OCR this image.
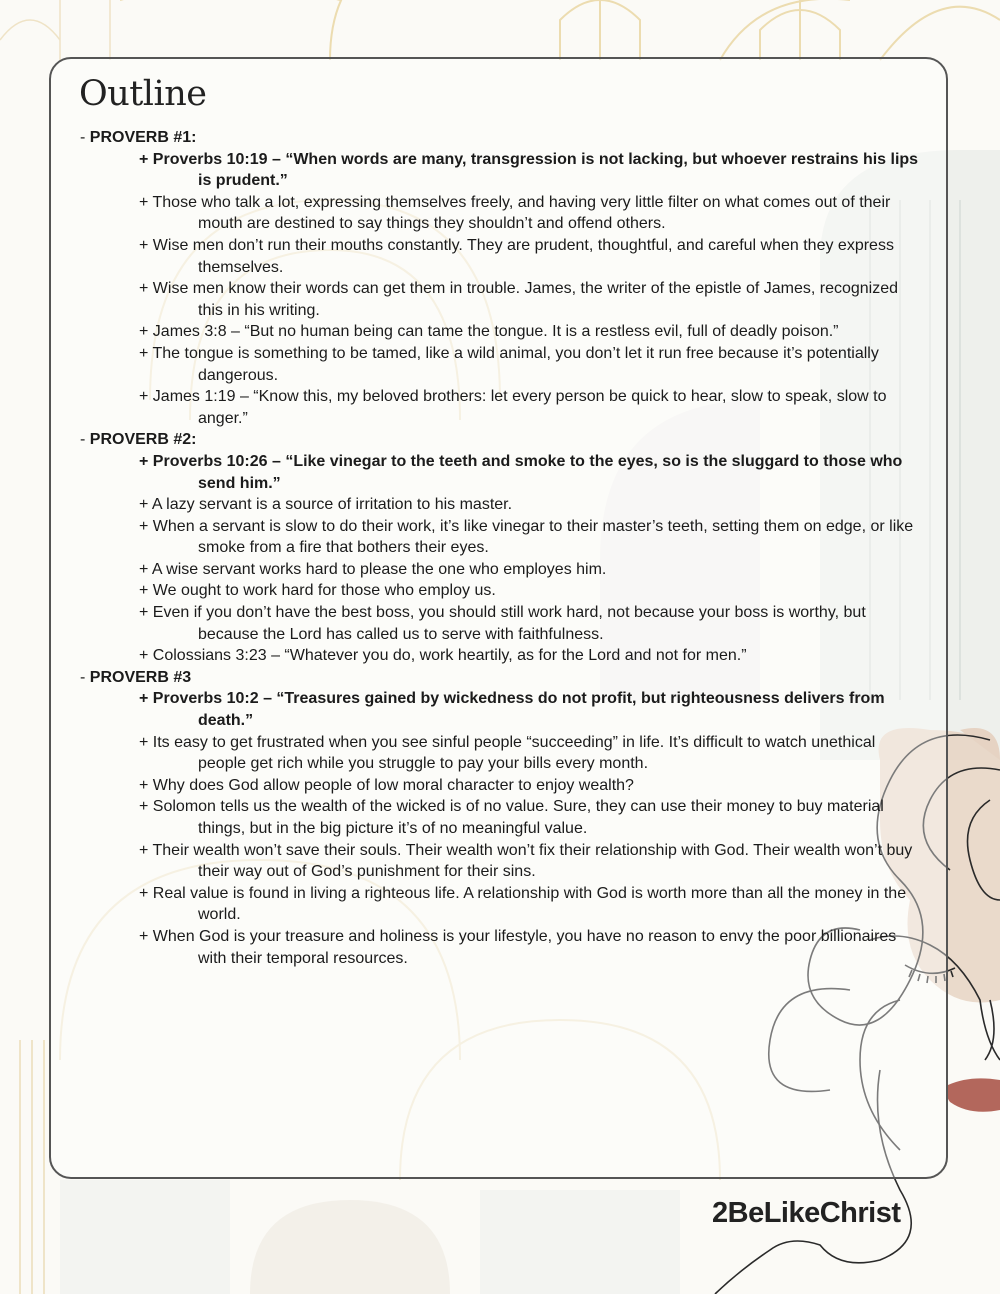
Outline

- PROVERB #1:

+ Proverbs 10:19 – “When words are many, transgression is not lacking, but whoever restrains his lips is prudent.”

+ Those who talk a lot, expressing themselves freely, and having very little filter on what comes out of their mouth are destined to say things they shouldn’t and offend others.

+ Wise men don’t run their mouths constantly. They are prudent, thoughtful, and careful when they express themselves.

+ Wise men know their words can get them in trouble. James, the writer of the epistle of James, recognized this in his writing.

+ James 3:8 – “But no human being can tame the tongue. It is a restless evil, full of deadly poison.”

+ The tongue is something to be tamed, like a wild animal, you don’t let it run free because it’s potentially dangerous.

+ James 1:19 – “Know this, my beloved brothers: let every person be quick to hear, slow to speak, slow to anger.”

- PROVERB #2:

+ Proverbs 10:26 – “Like vinegar to the teeth and smoke to the eyes, so is the sluggard to those who send him.”

+ A lazy servant is a source of irritation to his master.

+ When a servant is slow to do their work, it’s like vinegar to their master’s teeth, setting them on edge, or like smoke from a fire that bothers their eyes.

+ A wise servant works hard to please the one who employes him.

+ We ought to work hard for those who employ us.

+ Even if you don’t have the best boss, you should still work hard, not because your boss is worthy, but because the Lord has called us to serve with faithfulness.

+ Colossians 3:23 – “Whatever you do, work heartily, as for the Lord and not for men.”

- PROVERB #3

+ Proverbs 10:2 – “Treasures gained by wickedness do not profit, but righteousness delivers from death.”

+ Its easy to get frustrated when you see sinful people “succeeding” in life. It’s difficult to watch unethical people get rich while you struggle to pay your bills every month.

+ Why does God allow people of low moral character to enjoy wealth?

+ Solomon tells us the wealth of the wicked is of no value. Sure, they can use their money to buy material things, but in the big picture it’s of no meaningful value.

+ Their wealth won’t save their souls. Their wealth won’t fix their relationship with God. Their wealth won’t buy their way out of God’s punishment for their sins.

+ Real value is found in living a righteous life. A relationship with God is worth more than all the money in the world.

+ When God is your treasure and holiness is your lifestyle, you have no reason to envy the poor billionaires with their temporal resources.

2BeLikeChrist
